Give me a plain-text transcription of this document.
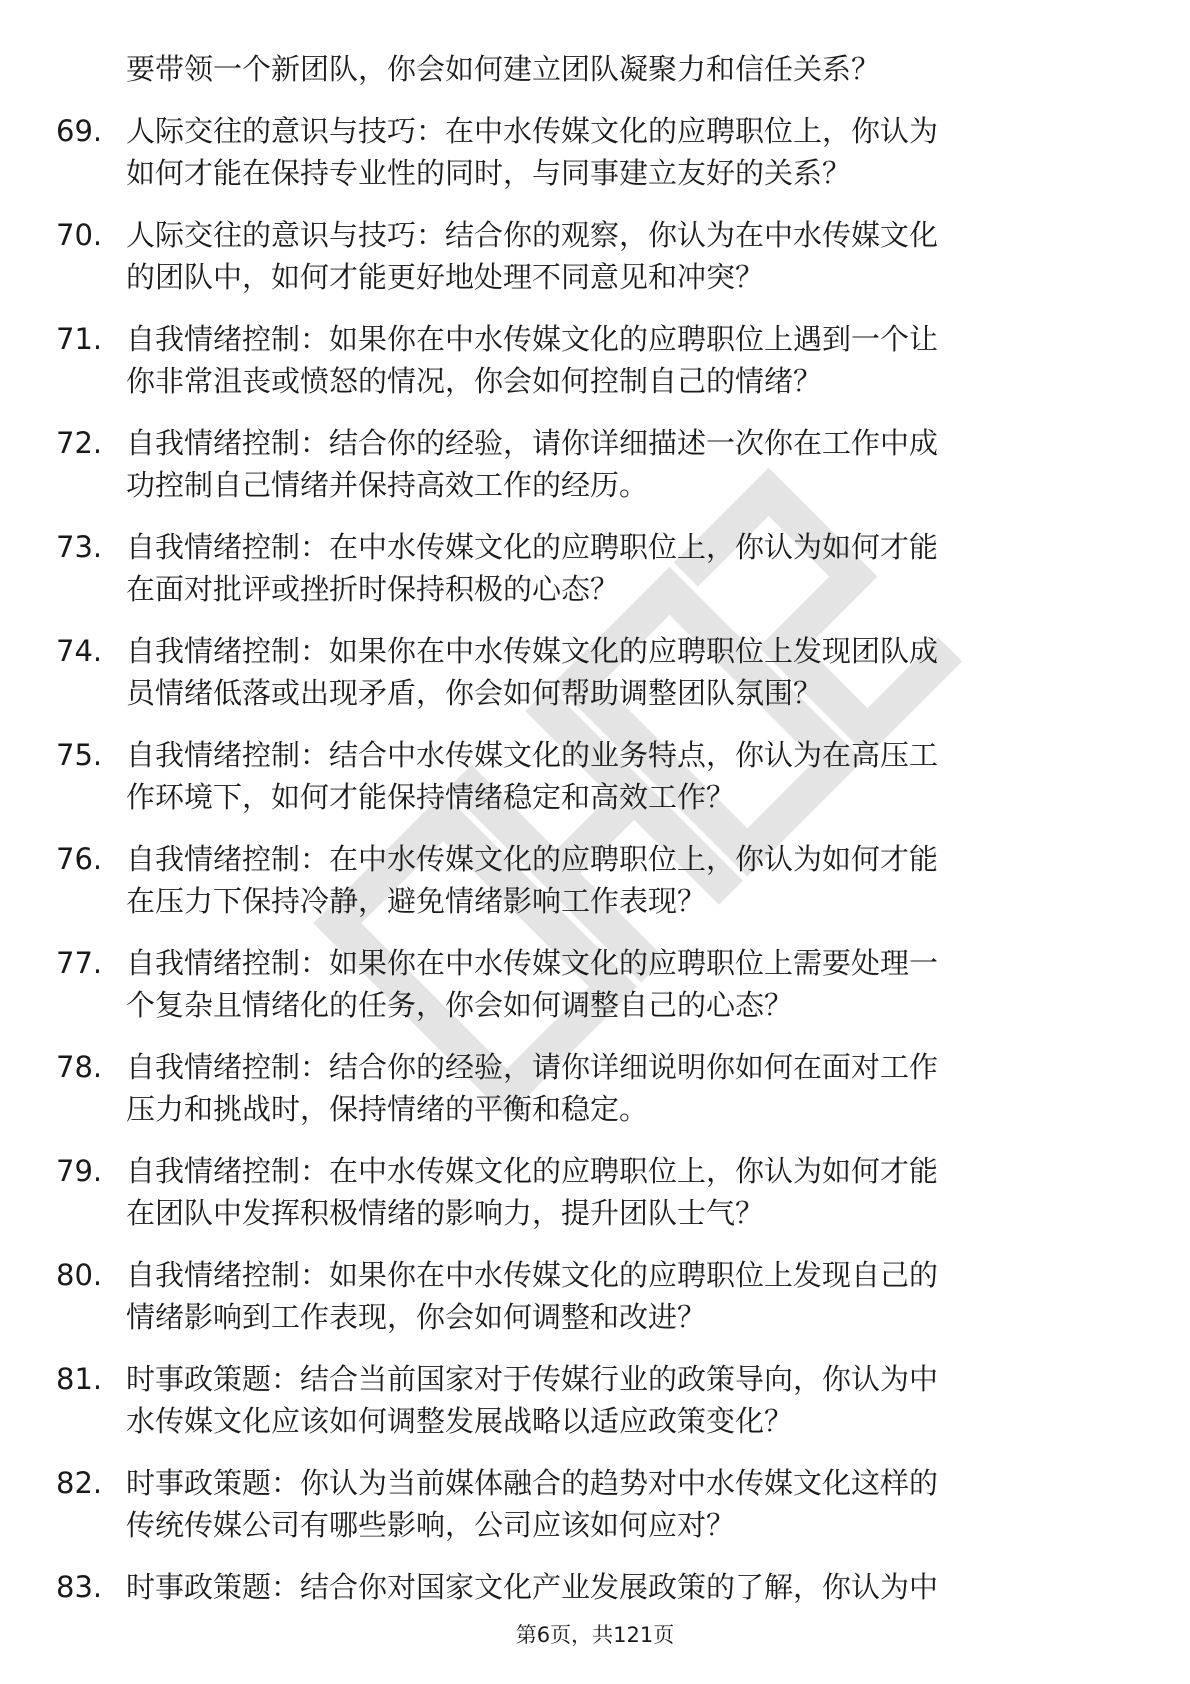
要带领一个新团队，你会如何建立团队凝聚力和信任关系？
69. 人际交往的意识与技巧：在中水传媒文化的应聘职位上，你认为
如何才能在保持专业性的同时，与同事建立友好的关系？
70. 人际交往的意识与技巧：结合你的观察，你认为在中水传媒文化
的团队中，如何才能更好地处理不同意见和冲突？
71. 自我情绪控制：如果你在中水传媒文化的应聘职位上遇到一个让
你非常沮丧或愤怒的情况，你会如何控制自己的情绪？
72. 自我情绪控制：结合你的经验，请你详细描述一次你在工作中成
功控制自己情绪并保持高效工作的经历。
73. 自我情绪控制：在中水传媒文化的应聘职位上，你认为如何才能
在面对批评或挫折时保持积极的心态？
74. 自我情绪控制：如果你在中水传媒文化的应聘职位上发现团队成
员情绪低落或出现矛盾，你会如何帮助调整团队氛围？
75. 自我情绪控制：结合中水传媒文化的业务特点，你认为在高压工
作环境下，如何才能保持情绪稳定和高效工作？
76. 自我情绪控制：在中水传媒文化的应聘职位上，你认为如何才能
在压力下保持冷静，避免情绪影响工作表现？
77. 自我情绪控制：如果你在中水传媒文化的应聘职位上需要处理一
个复杂且情绪化的任务，你会如何调整自己的心态？
78. 自我情绪控制：结合你的经验，请你详细说明你如何在面对工作
压力和挑战时，保持情绪的平衡和稳定。
79. 自我情绪控制：在中水传媒文化的应聘职位上，你认为如何才能
在团队中发挥积极情绪的影响力，提升团队士气？
80. 自我情绪控制：如果你在中水传媒文化的应聘职位上发现自己的
情绪影响到工作表现，你会如何调整和改进？
81. 时事政策题：结合当前国家对于传媒行业的政策导向，你认为中
水传媒文化应该如何调整发展战略以适应政策变化？
82. 时事政策题：你认为当前媒体融合的趋势对中水传媒文化这样的
传统传媒公司有哪些影响，公司应该如何应对？
83. 时事政策题：结合你对国家文化产业发展政策的了解，你认为中
第6页，共121页
